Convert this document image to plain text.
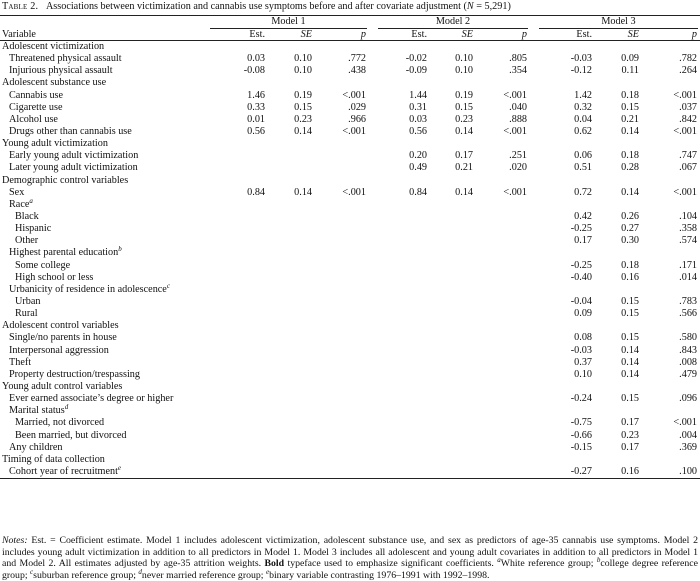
Table 2. Associations between victimization and cannabis use symptoms before and after covariate adjustment (N = 5,291)

	Model 1				Model 2				Model 3		

Variable	Est.	SE	p		Est.	SE	p		Est.	SE	p
Adolescent victimization											
Threatened physical assault	0.03	0.10	.772		-0.02	0.10	.805		-0.03	0.09	.782
Injurious physical assault	-0.08	0.10	.438		-0.09	0.10	.354		-0.12	0.11	.264
Adolescent substance use											
Cannabis use	1.46	0.19	<.001		1.44	0.19	<.001		1.42	0.18	<.001
Cigarette use	0.33	0.15	.029		0.31	0.15	.040		0.32	0.15	.037
Alcohol use	0.01	0.23	.966		0.03	0.23	.888		0.04	0.21	.842
Drugs other than cannabis use	0.56	0.14	<.001		0.56	0.14	<.001		0.62	0.14	<.001
Young adult victimization											
Early young adult victimization					0.20	0.17	.251		0.06	0.18	.747
Later young adult victimization					0.49	0.21	.020		0.51	0.28	.067
Demographic control variables											
Sex	0.84	0.14	<.001		0.84	0.14	<.001		0.72	0.14	<.001
Race$^a$											
Black									0.42	0.26	.104
Hispanic									-0.25	0.27	.358
Other									0.17	0.30	.574
Highest parental education$^b$											
Some college									-0.25	0.18	.171
High school or less									-0.40	0.16	.014
Urbanicity of residence in adolescence$^c$											
Urban									-0.04	0.15	.783
Rural									0.09	0.15	.566
Adolescent control variables											
Single/no parents in house									0.08	0.15	.580
Interpersonal aggression									-0.03	0.14	.843
Theft									0.37	0.14	.008
Property destruction/trespassing									0.10	0.14	.479
Young adult control variables											
Ever earned associate’s degree or higher									-0.24	0.15	.096
Marital status$^d$											
Married, not divorced									-0.75	0.17	<.001
Been married, but divorced									-0.66	0.23	.004
Any children									-0.15	0.17	.369
Timing of data collection											
Cohort year of recruitment$^e$									-0.27	0.16	.100
Notes: Est. = Coefficient estimate. Model 1 includes adolescent victimization, adolescent substance use, and sex as predictors of age-35 cannabis use symptoms. Model 2 includes young adult victimization in addition to all predictors in Model 1. Model 3 includes all adolescent and young adult covariates in addition to all predictors in Model 1 and Model 2. All estimates adjusted by age-35 attrition weights. Bold typeface used to emphasize significant coefficients. $^a$White reference group; $^b$college degree reference group; $^c$suburban reference group; $^d$never married reference group; $^e$binary variable contrasting 1976–1991 with 1992–1998.
